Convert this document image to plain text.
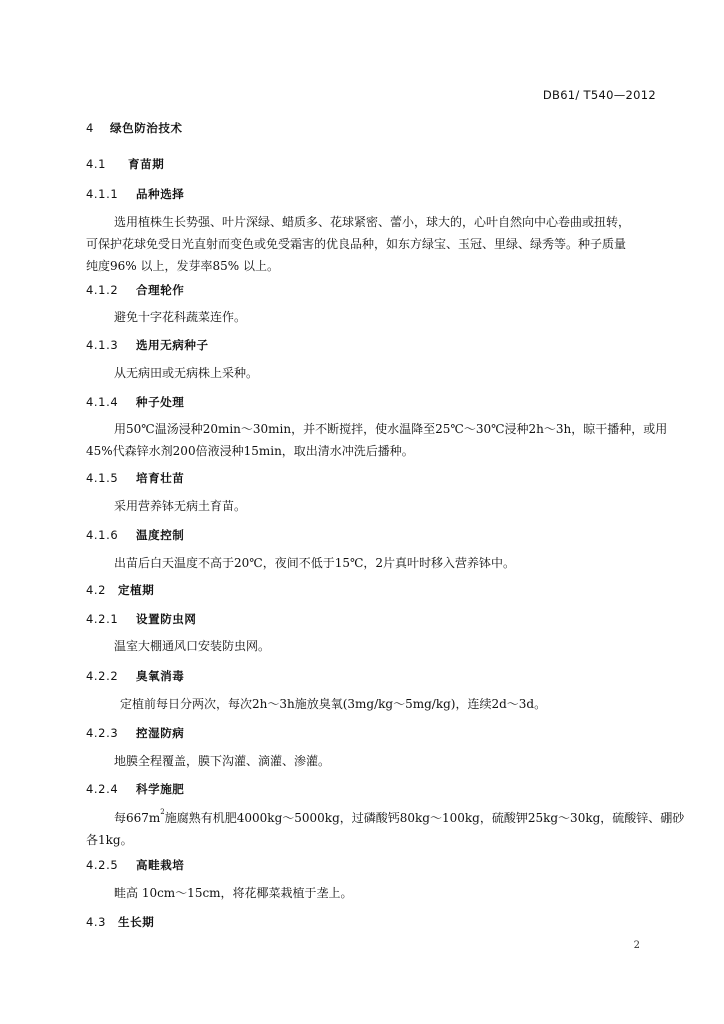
DB61/ T540—2012
4 绿色防治技术
4.1 育苗期
4.1.1 品种选择
选用植株生长势强、叶片深绿、蜡质多、花球紧密、蕾小，球大的，心叶自然向中心卷曲或扭转，
可保护花球免受日光直射而变色或免受霜害的优良品种，如东方绿宝、玉冠、里绿、绿秀等。种子质量
纯度96% 以上，发芽率85% 以上。
4.1.2 合理轮作
避免十字花科蔬菜连作。
4.1.3 选用无病种子
从无病田或无病株上采种。
4.1.4 种子处理
用50℃温汤浸种20min～30min，并不断搅拌，使水温降至25℃～30℃浸种2h～3h，晾干播种，或用
45%代森锌水剂200倍液浸种15min，取出清水冲洗后播种。
4.1.5 培育壮苗
采用营养钵无病土育苗。
4.1.6 温度控制
出苗后白天温度不高于20℃，夜间不低于15℃，2片真叶时移入营养钵中。
4.2 定植期
4.2.1 设置防虫网
温室大棚通风口安装防虫网。
4.2.2 臭氧消毒
定植前每日分两次，每次2h～3h施放臭氧(3mg/kg～5mg/kg)，连续2d～3d。
4.2.3 控湿防病
地膜全程覆盖，膜下沟灌、滴灌、渗灌。
4.2.4 科学施肥
每$667m^2$施腐熟有机肥4000kg～5000kg，过磷酸钙80kg～100kg，硫酸钾25kg～30kg，硫酸锌、硼砂
各1kg。
4.2.5 高畦栽培
畦高 10cm～15cm，将花椰菜栽植于垄上。
4.3 生长期
2
